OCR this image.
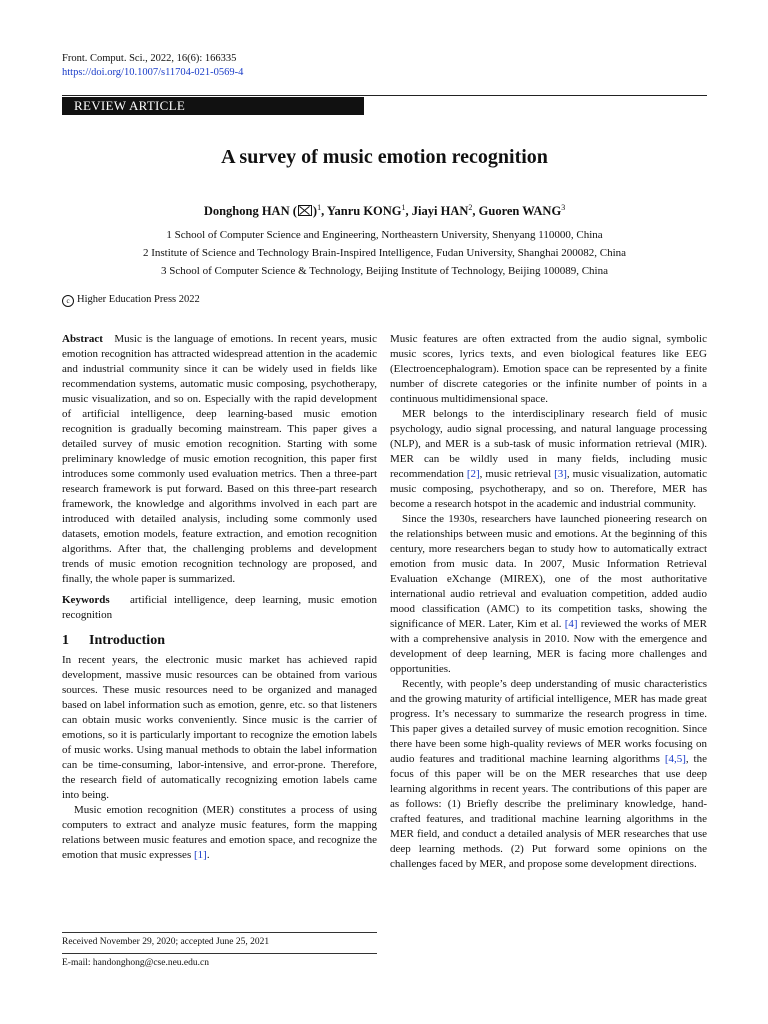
Front. Comput. Sci., 2022, 16(6): 166335
https://doi.org/10.1007/s11704-021-0569-4
REVIEW ARTICLE
A survey of music emotion recognition
Donghong HAN ( )$^1$, Yanru KONG$^1$, Jiayi HAN$^2$, Guoren WANG$^3$
1 School of Computer Science and Engineering, Northeastern University, Shenyang 110000, China
2 Institute of Science and Technology Brain-Inspired Intelligence, Fudan University, Shanghai 200082, China
3 School of Computer Science & Technology, Beijing Institute of Technology, Beijing 100089, China
c Higher Education Press 2022

Abstract Music is the language of emotions. In recent years, music emotion recognition has attracted widespread attention in the academic and industrial community since it can be widely used in fields like recommendation systems, automatic music composing, psychotherapy, music visualization, and so on. Especially with the rapid development of artificial intelligence, deep learning-based music emotion recognition is gradually becoming mainstream. This paper gives a detailed survey of music emotion recognition. Starting with some preliminary knowledge of music emotion recognition, this paper first introduces some commonly used evaluation metrics. Then a three-part research framework is put forward. Based on this three-part research framework, the knowledge and algorithms involved in each part are introduced with detailed analysis, including some commonly used datasets, emotion models, feature extraction, and emotion recognition algorithms. After that, the challenging problems and development trends of music emotion recognition technology are proposed, and finally, the whole paper is summarized.

Keywords artificial intelligence, deep learning, music emotion recognition

1 Introduction

In recent years, the electronic music market has achieved rapid development, massive music resources can be obtained from various sources. These music resources need to be organized and managed based on label information such as emotion, genre, etc. so that listeners can obtain music works conveniently. Since music is the carrier of emotions, so it is particularly important to recognize the emotion labels of music works. Using manual methods to obtain the label information can be time-consuming, labor-intensive, and error-prone. Therefore, the research field of automatically recognizing emotion labels came into being.

Music emotion recognition (MER) constitutes a process of using computers to extract and analyze music features, form the mapping relations between music features and emotion space, and recognize the emotion that music expresses [1].

Music features are often extracted from the audio signal, symbolic music scores, lyrics texts, and even biological features like EEG (Electroencephalogram). Emotion space can be represented by a finite number of discrete categories or the infinite number of points in a continuous multidimensional space.

MER belongs to the interdisciplinary research field of music psychology, audio signal processing, and natural language processing (NLP), and MER is a sub-task of music information retrieval (MIR). MER can be wildly used in many fields, including music recommendation [2], music retrieval [3], music visualization, automatic music composing, psychotherapy, and so on. Therefore, MER has become a research hotspot in the academic and industrial community.

Since the 1930s, researchers have launched pioneering research on the relationships between music and emotions. At the beginning of this century, more researchers began to study how to automatically extract emotion from music data. In 2007, Music Information Retrieval Evaluation eXchange (MIREX), one of the most authoritative international audio retrieval and evaluation competition, added audio mood classification (AMC) to its competition tasks, showing the significance of MER. Later, Kim et al. [4] reviewed the works of MER with a comprehensive analysis in 2010. Now with the emergence and development of deep learning, MER is facing more challenges and opportunities.

Recently, with people’s deep understanding of music characteristics and the growing maturity of artificial intelligence, MER has made great progress. It’s necessary to summarize the research progress in time. This paper gives a detailed survey of music emotion recognition. Since there have been some high-quality reviews of MER works focusing on audio features and traditional machine learning algorithms [4,5], the focus of this paper will be on the MER researches that use deep learning algorithms in recent years. The contributions of this paper are as follows: (1) Briefly describe the preliminary knowledge, hand-crafted features, and traditional machine learning algorithms in the MER field, and conduct a detailed analysis of MER researches that use deep learning methods. (2) Put forward some opinions on the challenges faced by MER, and propose some development directions.

Received November 29, 2020; accepted June 25, 2021
E-mail: handonghong@cse.neu.edu.cn
